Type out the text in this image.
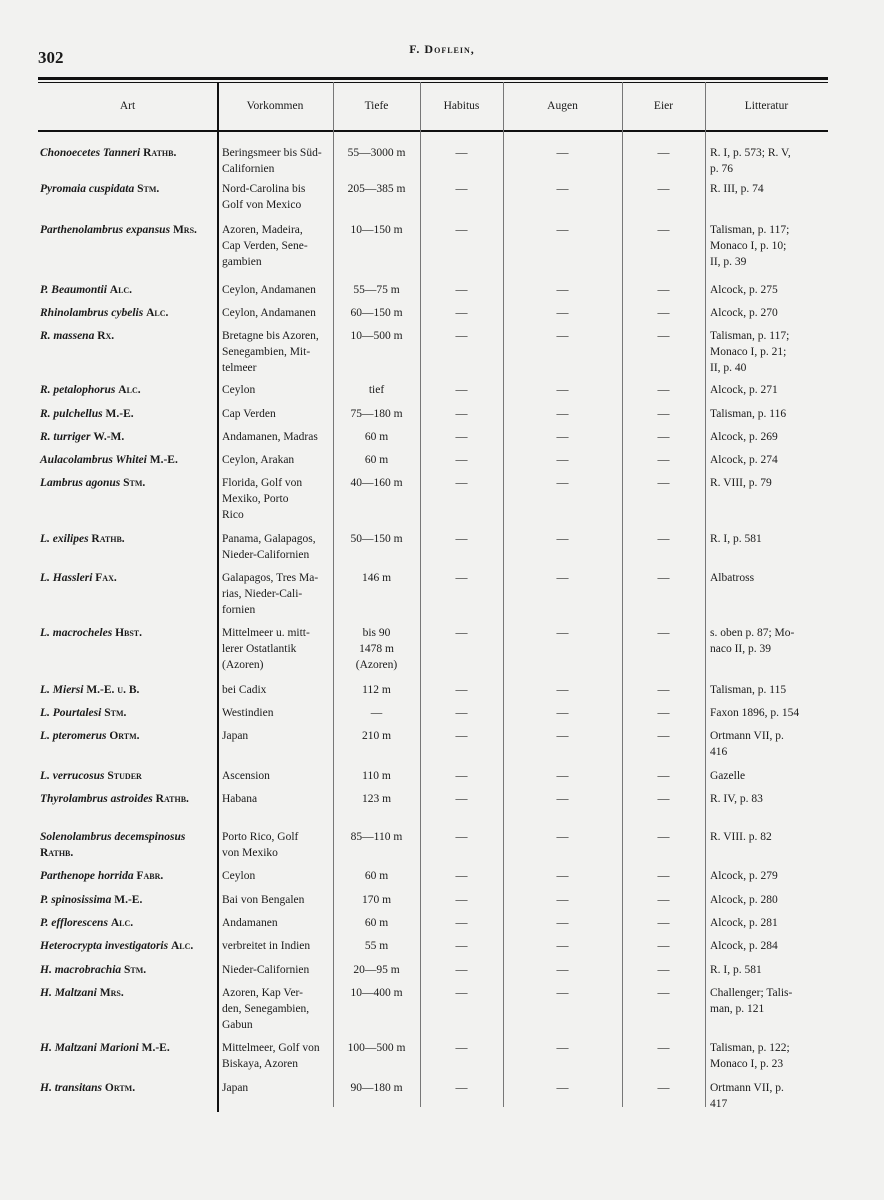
302	F. Doflein,
Art	Vorkommen	Tiefe	Habitus	Augen	Eier	Litteratur
Chonoecetes Tanneri Rathb.	Beringsmeer bis Süd-
Californien
55—3000 m	—	—	—	R. I, p. 573; R. V,
p. 76
Pyromaia cuspidata Stm.	Nord-Carolina bis
Golf von Mexico
205—385 m	—	—	—	R. III, p. 74
Parthenolambrus expansus Mrs.	Azoren, Madeira,
Cap Verden, Sene-
gambien
10—150 m	—	—	—	Talisman, p. 117;
Monaco I, p. 10;
II, p. 39
P. Beaumontii Alc.	Ceylon, Andamanen	55—75 m	—	—	—	Alcock, p. 275
Rhinolambrus cybelis Alc.	Ceylon, Andamanen	60—150 m	—	—	—	Alcock, p. 270
R. massena Rx.	Bretagne bis Azoren,
Senegambien, Mit-
telmeer
10—500 m	—	—	—	Talisman, p. 117;
Monaco I, p. 21;
II, p. 40
R. petalophorus Alc.	Ceylon	tief	—	—	—	Alcock, p. 271
R. pulchellus M.-E.	Cap Verden	75—180 m	—	—	—	Talisman, p. 116
R. turriger W.-M.	Andamanen, Madras	60 m	—	—	—	Alcock, p. 269
Aulacolambrus Whitei M.-E.	Ceylon, Arakan	60 m	—	—	—	Alcock, p. 274
Lambrus agonus Stm.	Florida, Golf von
Mexiko, Porto
Rico
40—160 m	—	—	—	R. VIII, p. 79
L. exilipes Rathb.	Panama, Galapagos,
Nieder-Californien
50—150 m	—	—	—	R. I, p. 581
L. Hassleri Fax.	Galapagos, Tres Ma-
rias, Nieder-Cali-
fornien
146 m	—	—	—	Albatross
L. macrocheles Hbst.	Mittelmeer u. mitt-
lerer Ostatlantik
(Azoren)
bis 90
1478 m
(Azoren)
—	—	—	s. oben p. 87; Mo-
naco II, p. 39
L. Miersi M.-E. u. B.	bei Cadix	112 m	—	—	—	Talisman, p. 115
L. Pourtalesi Stm.	Westindien	—	—	—	—	Faxon 1896, p. 154
L. pteromerus Ortm.	Japan	210 m	—	—	—	Ortmann VII, p.
416
L. verrucosus Studer	Ascension	110 m	—	—	—	Gazelle
Thyrolambrus astroides Rathb.	Habana	123 m	—	—	—	R. IV, p. 83
Solenolambrus decemspinosus Rathb.
Porto Rico, Golf
von Mexiko
85—110 m	—	—	—	R. VIII. p. 82
Parthenope horrida Fabr.	Ceylon	60 m	—	—	—	Alcock, p. 279
P. spinosissima M.-E.	Bai von Bengalen	170 m	—	—	—	Alcock, p. 280
P. efflorescens Alc.	Andamanen	60 m	—	—	—	Alcock, p. 281
Heterocrypta investigatoris Alc.	verbreitet in Indien	55 m	—	—	—	Alcock, p. 284
H. macrobrachia Stm.	Nieder-Californien	20—95 m	—	—	—	R. I, p. 581
H. Maltzani Mrs.	Azoren, Kap Ver-
den, Senegambien,
Gabun
10—400 m	—	—	—	Challenger; Talis-
man, p. 121
H. Maltzani Marioni M.-E.	Mittelmeer, Golf von
Biskaya, Azoren
100—500 m	—	—	—	Talisman, p. 122;
Monaco I, p. 23
H. transitans Ortm.	Japan	90—180 m	—	—	—	Ortmann VII, p.
417
